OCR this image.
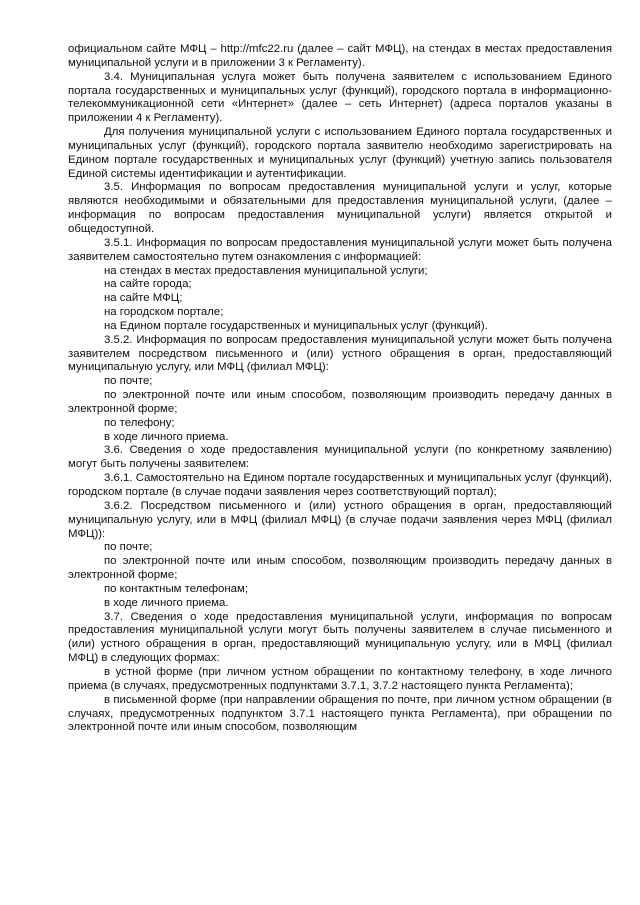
официальном сайте МФЦ – http://mfc22.ru (далее – сайт МФЦ), на стендах в местах предоставления муниципальной услуги и в приложении 3 к Регламенту).

3.4. Муниципальная услуга может быть получена заявителем с использованием Единого портала государственных и муниципальных услуг (функций), городского портала в информационно-телекоммуникационной сети «Интернет» (далее – сеть Интернет) (адреса порталов указаны в приложении 4 к Регламенту).

Для получения муниципальной услуги с использованием Единого портала государственных и муниципальных услуг (функций), городского портала заявителю необходимо зарегистрировать на Едином портале государственных и муниципальных услуг (функций) учетную запись пользователя Единой системы идентификации и аутентификации.

3.5. Информация по вопросам предоставления муниципальной услуги и услуг, которые являются необходимыми и обязательными для предоставления муниципальной услуги, (далее – информация по вопросам предоставления муниципальной услуги) является открытой и общедоступной.

3.5.1. Информация по вопросам предоставления муниципальной услуги может быть получена заявителем самостоятельно путем ознакомления с информацией:

на стендах в местах предоставления муниципальной услуги;

на сайте города;

на сайте МФЦ;

на городском портале;

на Едином портале государственных и муниципальных услуг (функций).

3.5.2. Информация по вопросам предоставления муниципальной услуги может быть получена заявителем посредством письменного и (или) устного обращения в орган, предоставляющий муниципальную услугу, или МФЦ (филиал МФЦ):

по почте;

по электронной почте или иным способом, позволяющим производить передачу данных в электронной форме;

по телефону;

в ходе личного приема.

3.6. Сведения о ходе предоставления муниципальной услуги (по конкретному заявлению) могут быть получены заявителем:

3.6.1. Самостоятельно на Едином портале государственных и муниципальных услуг (функций), городском портале (в случае подачи заявления через соответствующий портал);

3.6.2. Посредством письменного и (или) устного обращения в орган, предоставляющий муниципальную услугу, или в МФЦ (филиал МФЦ) (в случае подачи заявления через МФЦ (филиал МФЦ)):

по почте;

по электронной почте или иным способом, позволяющим производить передачу данных в электронной форме;

по контактным телефонам;

в ходе личного приема.

3.7. Сведения о ходе предоставления муниципальной услуги, информация по вопросам предоставления муниципальной услуги могут быть получены заявителем в случае письменного и (или) устного обращения в орган, предоставляющий муниципальную услугу, или в МФЦ (филиал МФЦ) в следующих формах:

в устной форме (при личном устном обращении по контактному телефону, в ходе личного приема (в случаях, предусмотренных подпунктами 3.7.1, 3.7.2 настоящего пункта Регламента);

в письменной форме (при направлении обращения по почте, при личном устном обращении (в случаях, предусмотренных подпунктом 3.7.1 настоящего пункта Регламента), при обращении по электронной почте или иным способом, позволяющим
